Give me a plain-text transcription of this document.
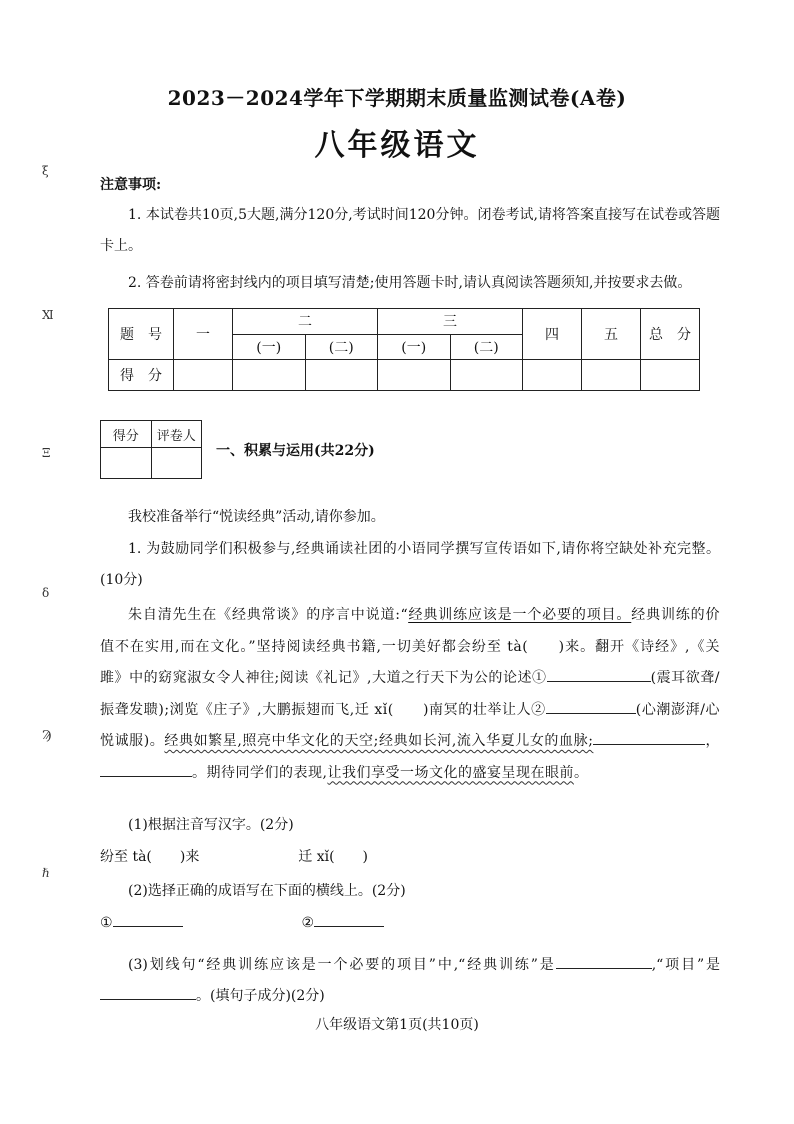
2023－2024学年下学期期末质量监测试卷(A卷)
八年级语文
注意事项:
1. 本试卷共10页,5大题,满分120分,考试时间120分钟。闭卷考试,请将答案直接写在试卷或答题卡上。
2. 答卷前请将密封线内的项目填写清楚;使用答题卡时,请认真阅读答题须知,并按要求去做。
题　号	一	二		三		四	五	总　分
		(一)	(二)	(一)	(二)			
得　分								
得分	评卷人

一、积累与运用(共22分)
我校准备举行“悦读经典”活动,请你参加。
1. 为鼓励同学们积极参与,经典诵读社团的小语同学撰写宣传语如下,请你将空缺处补充完整。(10分)
朱自清先生在《经典常谈》的序言中说道:“经典训练应该是一个必要的项目。经典训练的价值不在实用,而在文化。”坚持阅读经典书籍,一切美好都会纷至 tà(　　)来。翻开《诗经》,《关雎》中的窈窕淑女令人神往;阅读《礼记》,大道之行天下为公的论述①	(震耳欲聋/振聋发聩);浏览《庄子》,大鹏振翅而飞,迁 xǐ(　　)南冥的壮举让人②	(心潮澎湃/心悦诚服)。经典如繁星,照亮中华文化的天空;经典如长河,流入华夏儿女的血脉;	，。期待同学们的表现,让我们享受一场文化的盛宴呈现在眼前。
(1)根据注音写汉字。(2分)
纷至 tà(　　)来	迁 xǐ(　　)
(2)选择正确的成语写在下面的横线上。(2分)
①	②
(3)划线句“经典训练应该是一个必要的项目”中,“经典训练”是	,“项目”是。(填句子成分)(2分)
八年级语文第1页(共10页)
ξ
Ⅺ
Ξ
δ
Ϡ
ℏ
